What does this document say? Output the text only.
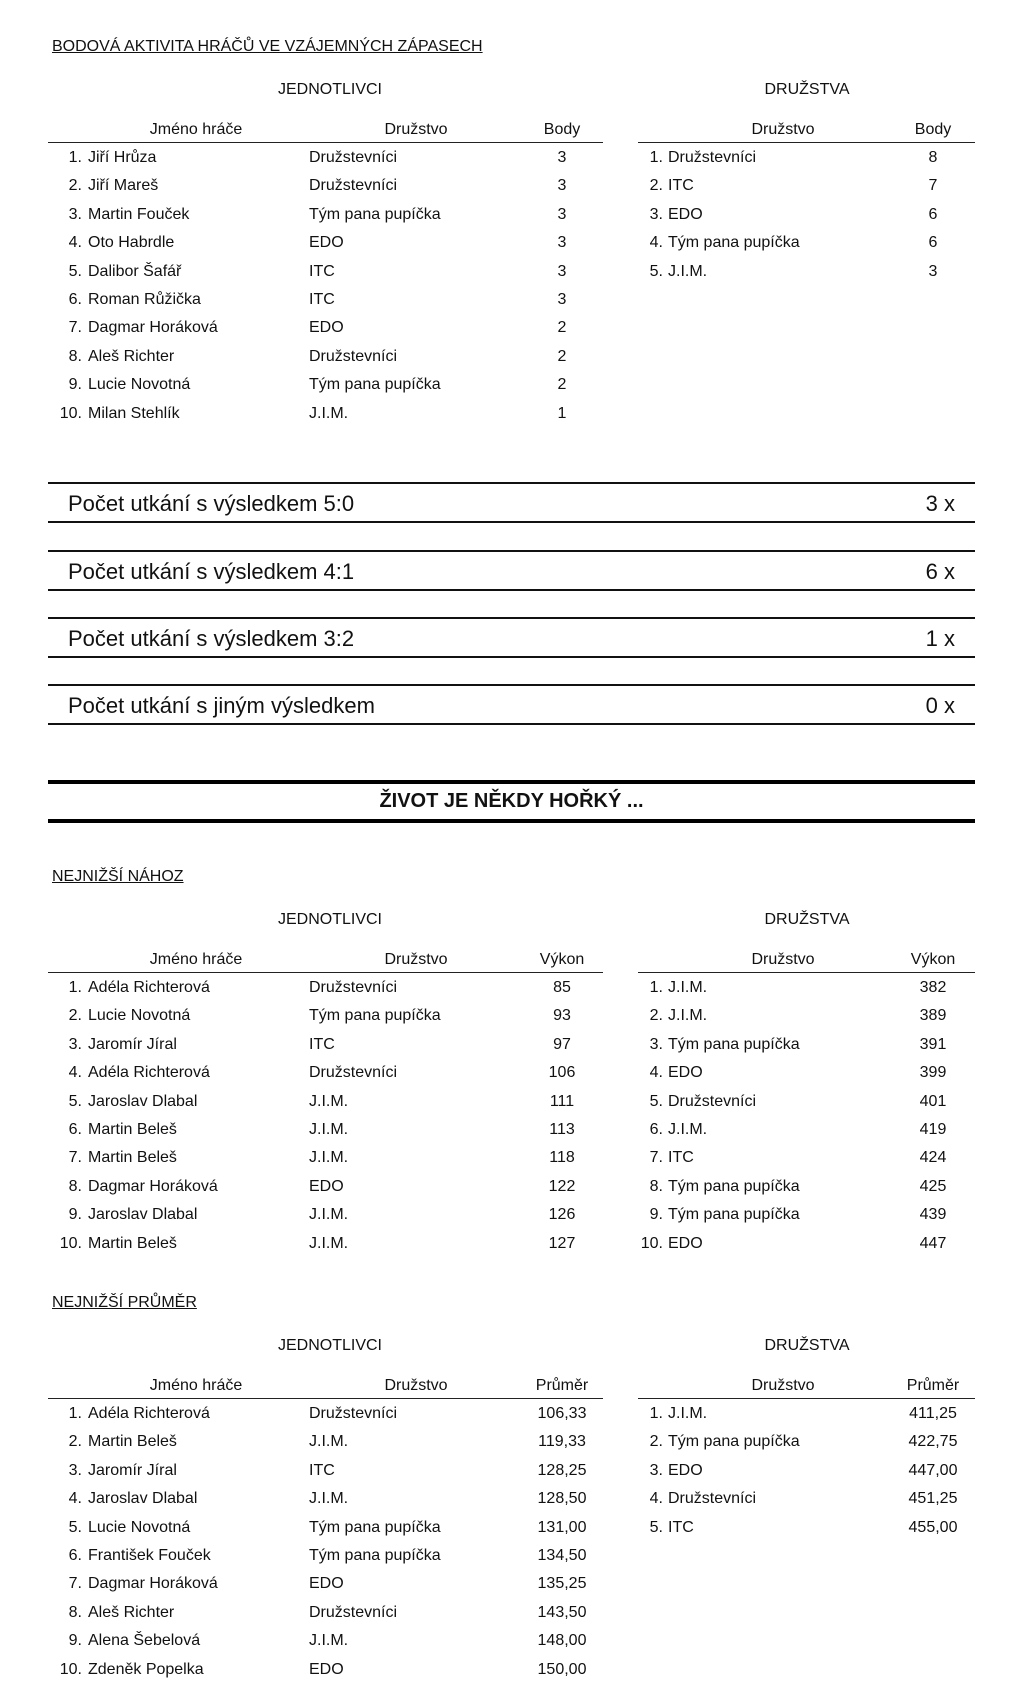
BODOVÁ AKTIVITA HRÁČŮ VE VZÁJEMNÝCH ZÁPASECH
JEDNOTLIVCI	DRUŽSTVA
Jméno hráče	Družstvo	Body
1. Jiří Hrůza	Družstevníci	3
2. Jiří Mareš	Družstevníci	3
3. Martin Fouček	Tým pana pupíčka	3
4. Oto Habrdle	EDO	3
5. Dalibor Šafář	ITC	3
6. Roman Růžička	ITC	3
7. Dagmar Horáková	EDO	2
8. Aleš Richter	Družstevníci	2
9. Lucie Novotná	Tým pana pupíčka	2
10. Milan Stehlík	J.I.M.	1
Družstvo	Body
1. Družstevníci	8
2. ITC	7
3. EDO	6
4. Tým pana pupíčka	6
5. J.I.M.	3
Počet utkání s výsledkem 5:0	3 x
Počet utkání s výsledkem 4:1	6 x
Počet utkání s výsledkem 3:2	1 x
Počet utkání s jiným výsledkem	0 x
ŽIVOT JE NĚKDY HOŘKÝ ...
NEJNIŽŠÍ NÁHOZ
JEDNOTLIVCI	DRUŽSTVA
Jméno hráče	Družstvo	Výkon
1. Adéla Richterová	Družstevníci	85
2. Lucie Novotná	Tým pana pupíčka	93
3. Jaromír Jíral	ITC	97
4. Adéla Richterová	Družstevníci	106
5. Jaroslav Dlabal	J.I.M.	111
6. Martin Beleš	J.I.M.	113
7. Martin Beleš	J.I.M.	118
8. Dagmar Horáková	EDO	122
9. Jaroslav Dlabal	J.I.M.	126
10. Martin Beleš	J.I.M.	127
Družstvo	Výkon
1. J.I.M.	382
2. J.I.M.	389
3. Tým pana pupíčka	391
4. EDO	399
5. Družstevníci	401
6. J.I.M.	419
7. ITC	424
8. Tým pana pupíčka	425
9. Tým pana pupíčka	439
10. EDO	447
NEJNIŽŠÍ PRŮMĚR
JEDNOTLIVCI	DRUŽSTVA
Jméno hráče	Družstvo	Průměr
1. Adéla Richterová	Družstevníci	106,33
2. Martin Beleš	J.I.M.	119,33
3. Jaromír Jíral	ITC	128,25
4. Jaroslav Dlabal	J.I.M.	128,50
5. Lucie Novotná	Tým pana pupíčka	131,00
6. František Fouček	Tým pana pupíčka	134,50
7. Dagmar Horáková	EDO	135,25
8. Aleš Richter	Družstevníci	143,50
9. Alena Šebelová	J.I.M.	148,00
10. Zdeněk Popelka	EDO	150,00
Družstvo	Průměr
1. J.I.M.	411,25
2. Tým pana pupíčka	422,75
3. EDO	447,00
4. Družstevníci	451,25
5. ITC	455,00
